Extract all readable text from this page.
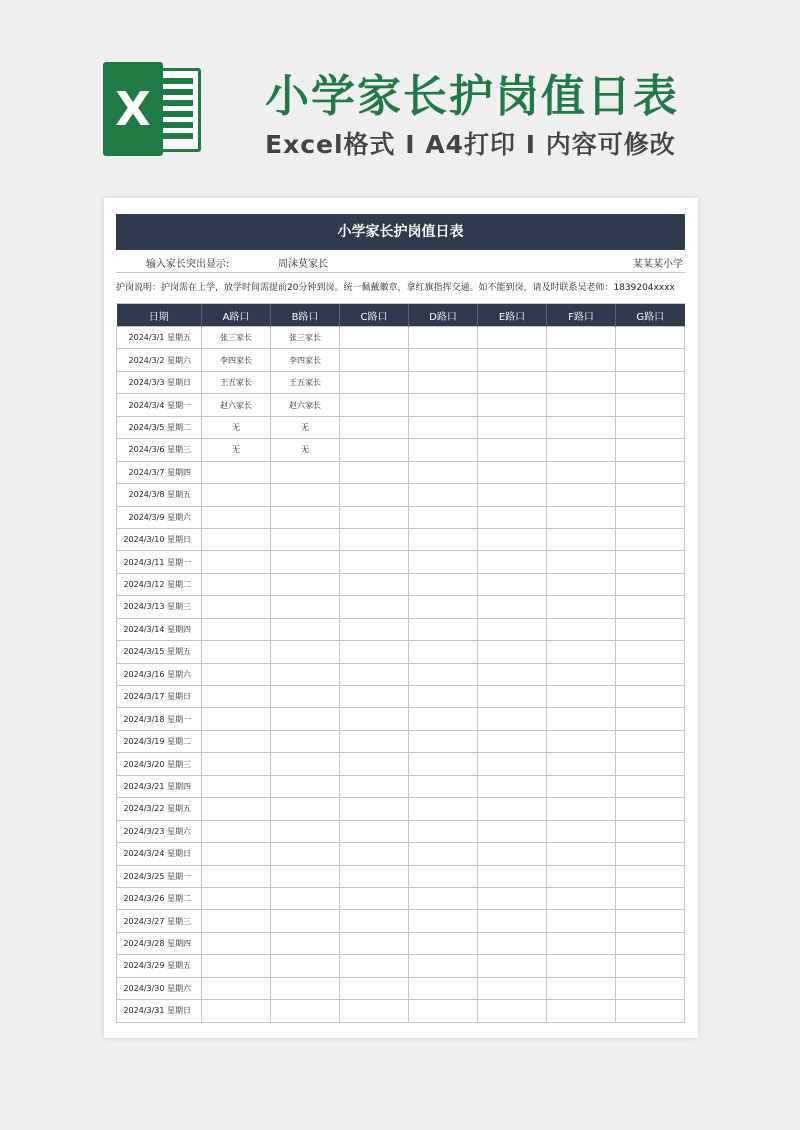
X	小学家长护岗值日表
Excel格式 I A4打印 I 内容可修改
小学家长护岗值日表
输入家长突出显示:	周沫莫家长	某某某小学
护岗说明：护岗需在上学，放学时间需提前20分钟到岗。统一佩戴徽章，拿红旗指挥交通。如不能到岗，请及时联系吴老师：1839204xxxx
日期	A路口	B路口	C路口	D路口	E路口	F路口	G路口
2024/3/1 星期五	张三家长	张三家长					
2024/3/2 星期六	李四家长	李四家长					
2024/3/3 星期日	王五家长	王五家长					
2024/3/4 星期一	赵六家长	赵六家长					
2024/3/5 星期二	无	无					
2024/3/6 星期三	无	无					
2024/3/7 星期四							
2024/3/8 星期五							
2024/3/9 星期六							
2024/3/10 星期日							
2024/3/11 星期一							
2024/3/12 星期二							
2024/3/13 星期三							
2024/3/14 星期四							
2024/3/15 星期五							
2024/3/16 星期六							
2024/3/17 星期日							
2024/3/18 星期一							
2024/3/19 星期二							
2024/3/20 星期三							
2024/3/21 星期四							
2024/3/22 星期五							
2024/3/23 星期六							
2024/3/24 星期日							
2024/3/25 星期一							
2024/3/26 星期二							
2024/3/27 星期三							
2024/3/28 星期四							
2024/3/29 星期五							
2024/3/30 星期六							
2024/3/31 星期日							
